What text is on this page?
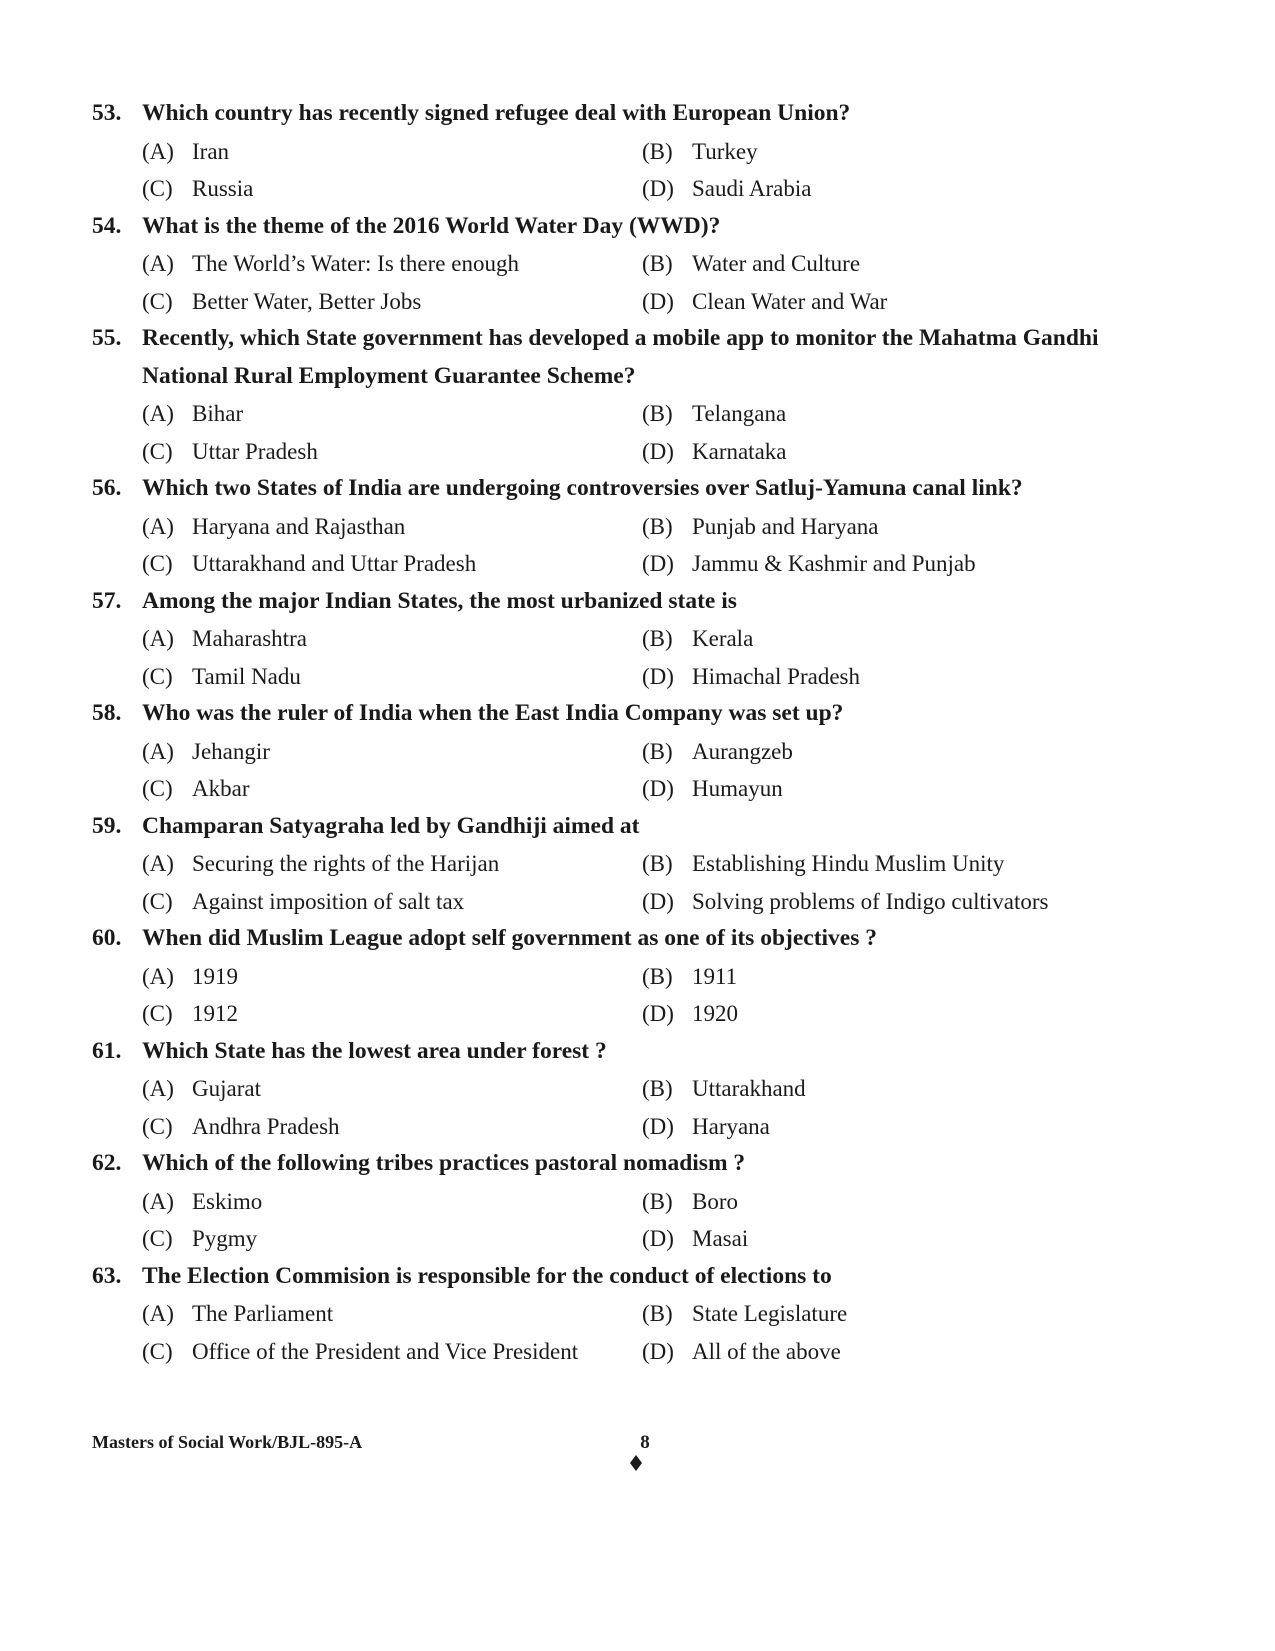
53. Which country has recently signed refugee deal with European Union?
(A) Iran	(B) Turkey
(C) Russia	(D) Saudi Arabia
54. What is the theme of the 2016 World Water Day (WWD)?
(A) The World’s Water: Is there enough	(B) Water and Culture
(C) Better Water, Better Jobs	(D) Clean Water and War
55. Recently, which State government has developed a mobile app to monitor the Mahatma Gandhi
National Rural Employment Guarantee Scheme?
(A) Bihar	(B) Telangana
(C) Uttar Pradesh	(D) Karnataka
56. Which two States of India are undergoing controversies over Satluj-Yamuna canal link?
(A) Haryana and Rajasthan	(B) Punjab and Haryana
(C) Uttarakhand and Uttar Pradesh	(D) Jammu & Kashmir and Punjab
57. Among the major Indian States, the most urbanized state is
(A) Maharashtra	(B) Kerala
(C) Tamil Nadu	(D) Himachal Pradesh
58. Who was the ruler of India when the East India Company was set up?
(A) Jehangir	(B) Aurangzeb
(C) Akbar	(D) Humayun
59. Champaran Satyagraha led by Gandhiji aimed at
(A) Securing the rights of the Harijan	(B) Establishing Hindu Muslim Unity
(C) Against imposition of salt tax	(D) Solving problems of Indigo cultivators
60. When did Muslim League adopt self government as one of its objectives ?
(A) 1919	(B) 1911
(C) 1912	(D) 1920
61. Which State has the lowest area under forest ?
(A) Gujarat	(B) Uttarakhand
(C) Andhra Pradesh	(D) Haryana
62. Which of the following tribes practices pastoral nomadism ?
(A) Eskimo	(B) Boro
(C) Pygmy	(D) Masai
63. The Election Commision is responsible for the conduct of elections to
(A) The Parliament	(B) State Legislature
(C) Office of the President and Vice President	(D) All of the above
Masters of Social Work/BJL-895-A	8
